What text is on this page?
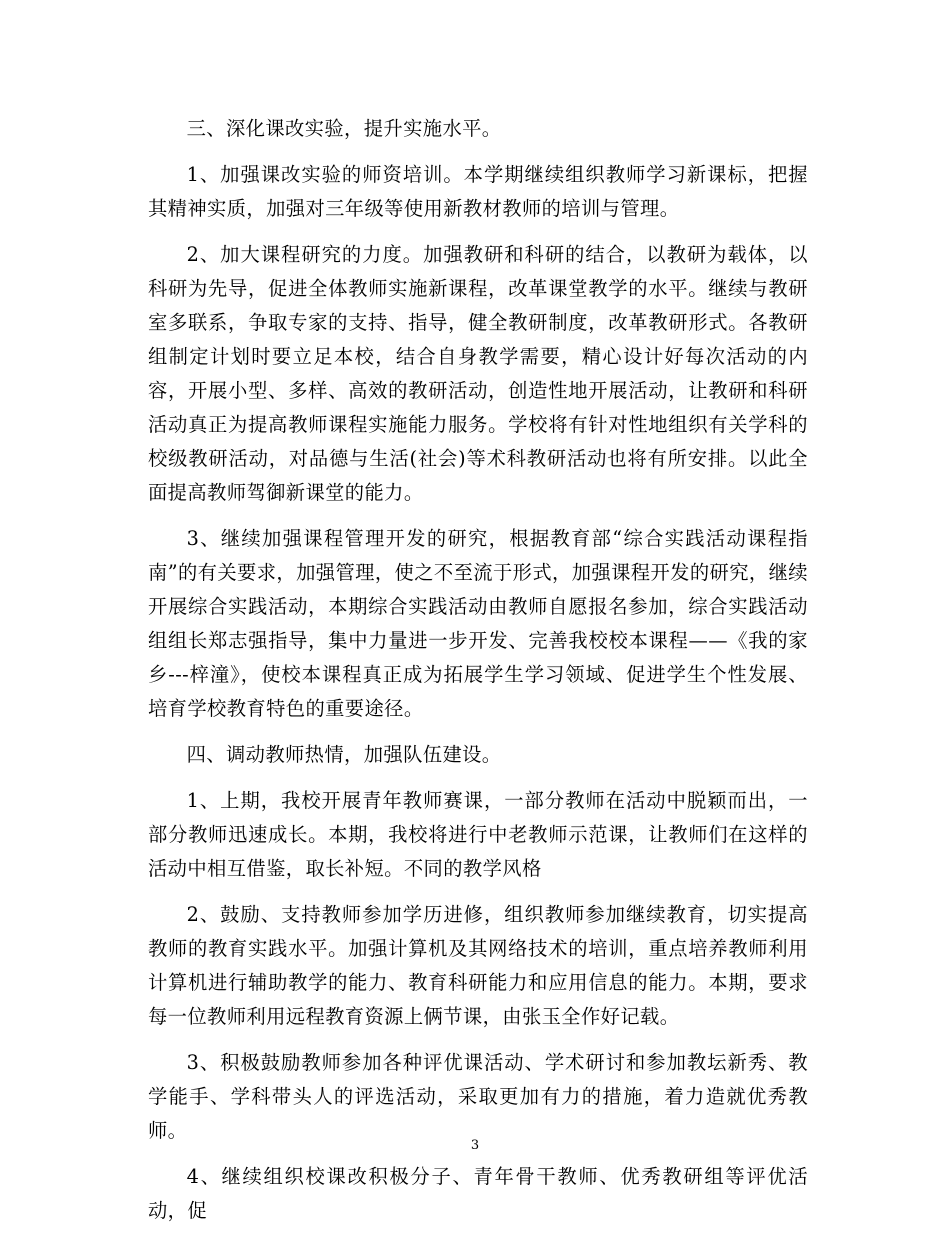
三、深化课改实验，提升实施水平。

1、加强课改实验的师资培训。本学期继续组织教师学习新课标，把握其精神实质，加强对三年级等使用新教材教师的培训与管理。

2、加大课程研究的力度。加强教研和科研的结合，以教研为载体，以科研为先导，促进全体教师实施新课程，改革课堂教学的水平。继续与教研室多联系，争取专家的支持、指导，健全教研制度，改革教研形式。各教研组制定计划时要立足本校，结合自身教学需要，精心设计好每次活动的内容，开展小型、多样、高效的教研活动，创造性地开展活动，让教研和科研活动真正为提高教师课程实施能力服务。学校将有针对性地组织有关学科的校级教研活动，对品德与生活(社会)等术科教研活动也将有所安排。以此全面提高教师驾御新课堂的能力。

3、继续加强课程管理开发的研究，根据教育部“综合实践活动课程指南”的有关要求，加强管理，使之不至流于形式，加强课程开发的研究，继续开展综合实践活动，本期综合实践活动由教师自愿报名参加，综合实践活动组组长郑志强指导，集中力量进一步开发、完善我校校本课程——《我的家乡---梓潼》，使校本课程真正成为拓展学生学习领域、促进学生个性发展、培育学校教育特色的重要途径。

四、调动教师热情，加强队伍建设。

1、上期，我校开展青年教师赛课，一部分教师在活动中脱颖而出，一部分教师迅速成长。本期，我校将进行中老教师示范课，让教师们在这样的活动中相互借鉴，取长补短。不同的教学风格

2、鼓励、支持教师参加学历进修，组织教师参加继续教育，切实提高教师的教育实践水平。加强计算机及其网络技术的培训，重点培养教师利用计算机进行辅助教学的能力、教育科研能力和应用信息的能力。本期，要求每一位教师利用远程教育资源上俩节课，由张玉全作好记载。

3、积极鼓励教师参加各种评优课活动、学术研讨和参加教坛新秀、教学能手、学科带头人的评选活动，采取更加有力的措施，着力造就优秀教师。

4、继续组织校课改积极分子、青年骨干教师、优秀教研组等评优活动，促

3
